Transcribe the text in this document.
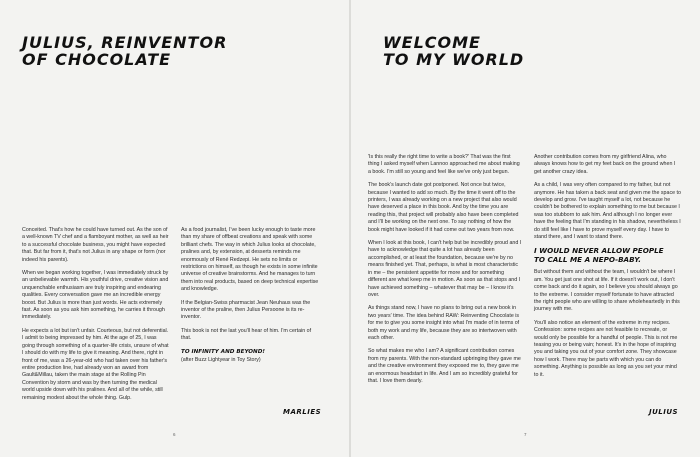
JULIUS, REINVENTOR
OF CHOCOLATE

Conceited. That's how he could have turned out. As the son of a well-known TV chef and a flamboyant mother, as well as heir to a successful chocolate business, you might have expected that. But far from it, that's not Julius in any shape or form (nor indeed his parents).

When we began working together, I was immediately struck by an unbelievable warmth. His youthful drive, creative vision and unquenchable enthusiasm are truly inspiring and endearing qualities. Every conversation gave me an incredible energy boost. But Julius is more than just words. He acts extremely fast. As soon as you ask him something, he carries it through immediately.

He expects a lot but isn't unfair. Courteous, but not deferential. I admit to being impressed by him. At the age of 25, I was going through something of a quarter-life crisis, unsure of what I should do with my life to give it meaning. And there, right in front of me, was a 26-year-old who had taken over his father's entire production line, had already won an award from Gault&Millau, taken the main stage at the Rolling Pin Convention by storm and was by then turning the medical world upside down with his pralines. And all of the while, still remaining modest about the whole thing. Gulp.

As a food journalist, I've been lucky enough to taste more than my share of offbeat creations and speak with some brilliant chefs. The way in which Julius looks at chocolate, pralines and, by extension, at desserts reminds me enormously of René Redzepi. He sets no limits or restrictions on himself, as though he exists in some infinite universe of creative brainstorms. And he manages to turn them into real products, based on deep technical expertise and knowledge.

If the Belgian-Swiss pharmacist Jean Neuhaus was the inventor of the praline, then Julius Persoone is its re-inventor.

This book is not the last you'll hear of him. I'm certain of that.

TO INFINITY AND BEYOND!

(after Buzz Lightyear in Toy Story)

MARLIES
6
WELCOME
TO MY WORLD

'Is this really the right time to write a book?' That was the first thing I asked myself when Lannoo approached me about making a book. I'm still so young and feel like we've only just begun.

The book's launch date got postponed. Not once but twice, because I wanted to add so much. By the time it went off to the printers, I was already working on a new project that also would have deserved a place in this book. And by the time you are reading this, that project will probably also have been completed and I'll be working on the next one. To say nothing of how the book might have looked if it had come out two years from now.

When I look at this book, I can't help but be incredibly proud and I have to acknowledge that quite a lot has already been accomplished, or at least the foundation, because we're by no means finished yet. That, perhaps, is what is most characteristic in me – the persistent appetite for more and for something different are what keep me in motion. As soon as that stops and I have achieved something – whatever that may be – I know it's over.

As things stand now, I have no plans to bring out a new book in two years' time. The idea behind RAW: Reinventing Chocolate is for me to give you some insight into what I'm made of in terms of both my work and my life, because they are so intertwoven with each other.

So what makes me who I am? A significant contribution comes from my parents. With the non-standard upbringing they gave me and the creative environment they exposed me to, they gave me an enormous headstart in life. And I am so incredibly grateful for that. I love them dearly.

Another contribution comes from my girlfriend Alina, who always knows how to get my feet back on the ground when I get another crazy idea.

As a child, I was very often compared to my father, but not anymore. He has taken a back seat and given me the space to develop and grow. I've taught myself a lot, not because he couldn't be bothered to explain something to me but because I was too stubborn to ask him. And although I no longer ever have the feeling that I'm standing in his shadow, nevertheless I do still feel like I have to prove myself every day. I have to stand there, and I want to stand there.

I WOULD NEVER ALLOW PEOPLE
TO CALL ME A NEPO-BABY.

But without them and without the team, I wouldn't be where I am. You get just one shot at life. If it doesn't work out, I don't come back and do it again, so I believe you should always go to the extreme. I consider myself fortunate to have attracted the right people who are willing to share wholeheartedly in this journey with me.

You'll also notice an element of the extreme in my recipes. Confession: some recipes are not feasible to recreate, or would only be possible for a handful of people. This is not me teasing you or being vain; honest. It's in the hope of inspiring you and taking you out of your comfort zone. They showcase how I work. There may be parts with which you can do something. Anything is possible as long as you set your mind to it.

JULIUS
7
